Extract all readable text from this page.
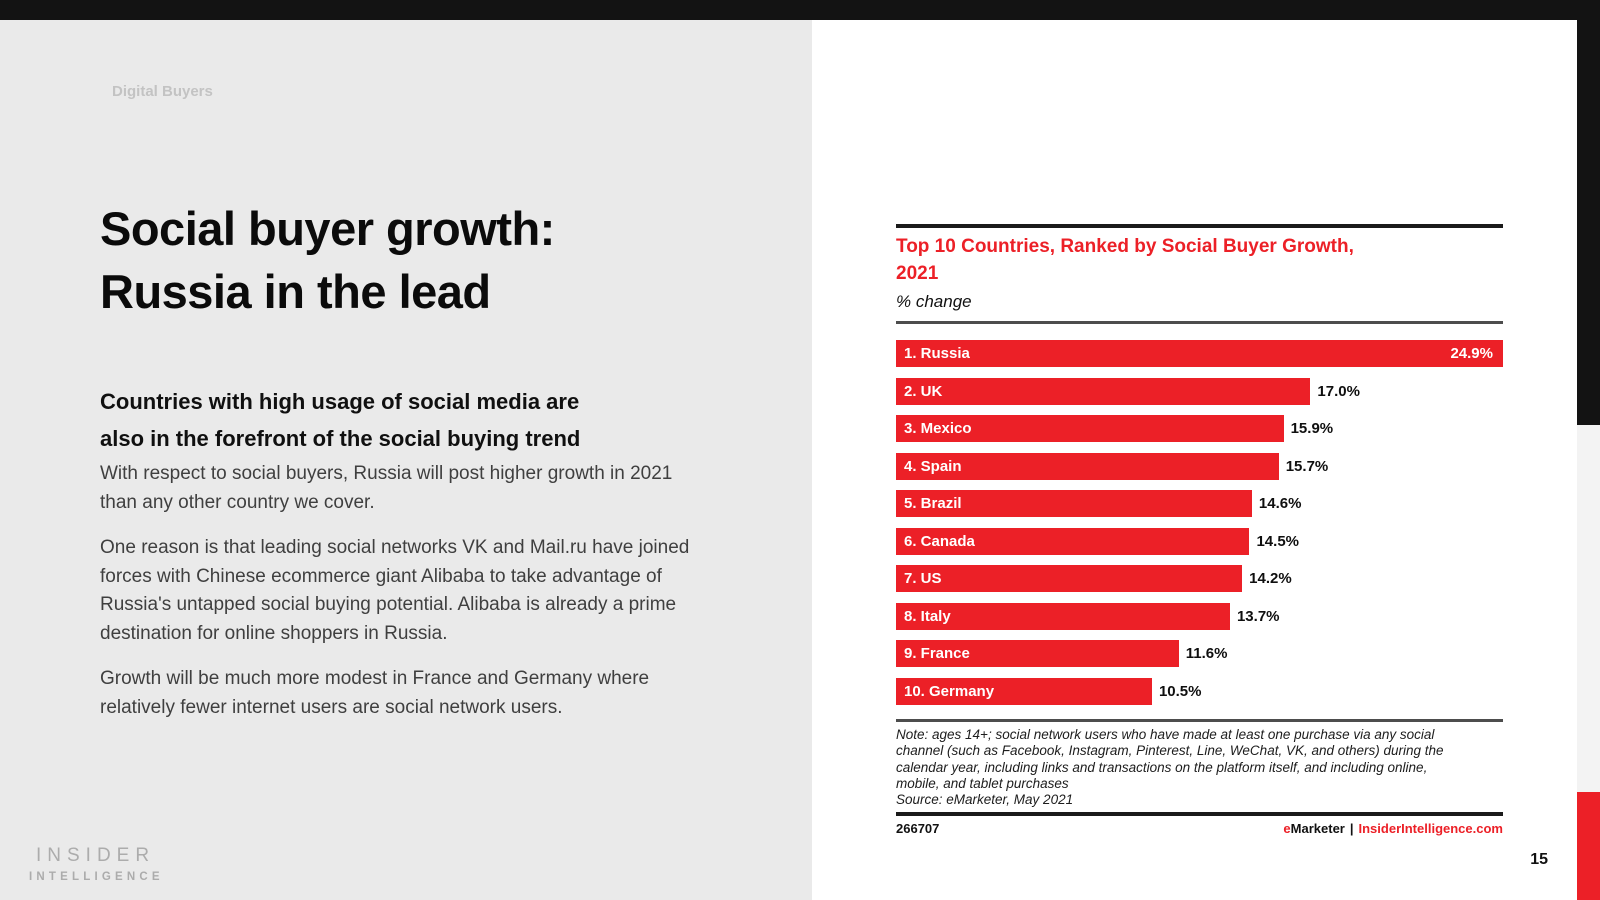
Digital Buyers
Social buyer growth:
Russia in the lead
Countries with high usage of social media are
also in the forefront of the social buying trend

With respect to social buyers, Russia will post higher growth in 2021 than any other country we cover.

One reason is that leading social networks VK and Mail.ru have joined forces with Chinese ecommerce giant Alibaba to take advantage of Russia's untapped social buying potential. Alibaba is already a prime destination for online shoppers in Russia.

Growth will be much more modest in France and Germany where relatively fewer internet users are social network users.

INSIDER
INTELLIGENCE
Top 10 Countries, Ranked by Social Buyer Growth,
2021
% change
1. Russia	24.9%
2. UK	17.0%
3. Mexico	15.9%
4. Spain	15.7%
5. Brazil	14.6%
6. Canada	14.5%
7. US	14.2%
8. Italy	13.7%
9. France	11.6%
10. Germany	10.5%
Note: ages 14+; social network users who have made at least one purchase via any social
channel (such as Facebook, Instagram, Pinterest, Line, WeChat, VK, and others) during the
calendar year, including links and transactions on the platform itself, and including online,
mobile, and tablet purchases
Source: eMarketer, May 2021
266707	eMarketer | InsiderIntelligence.com
15
